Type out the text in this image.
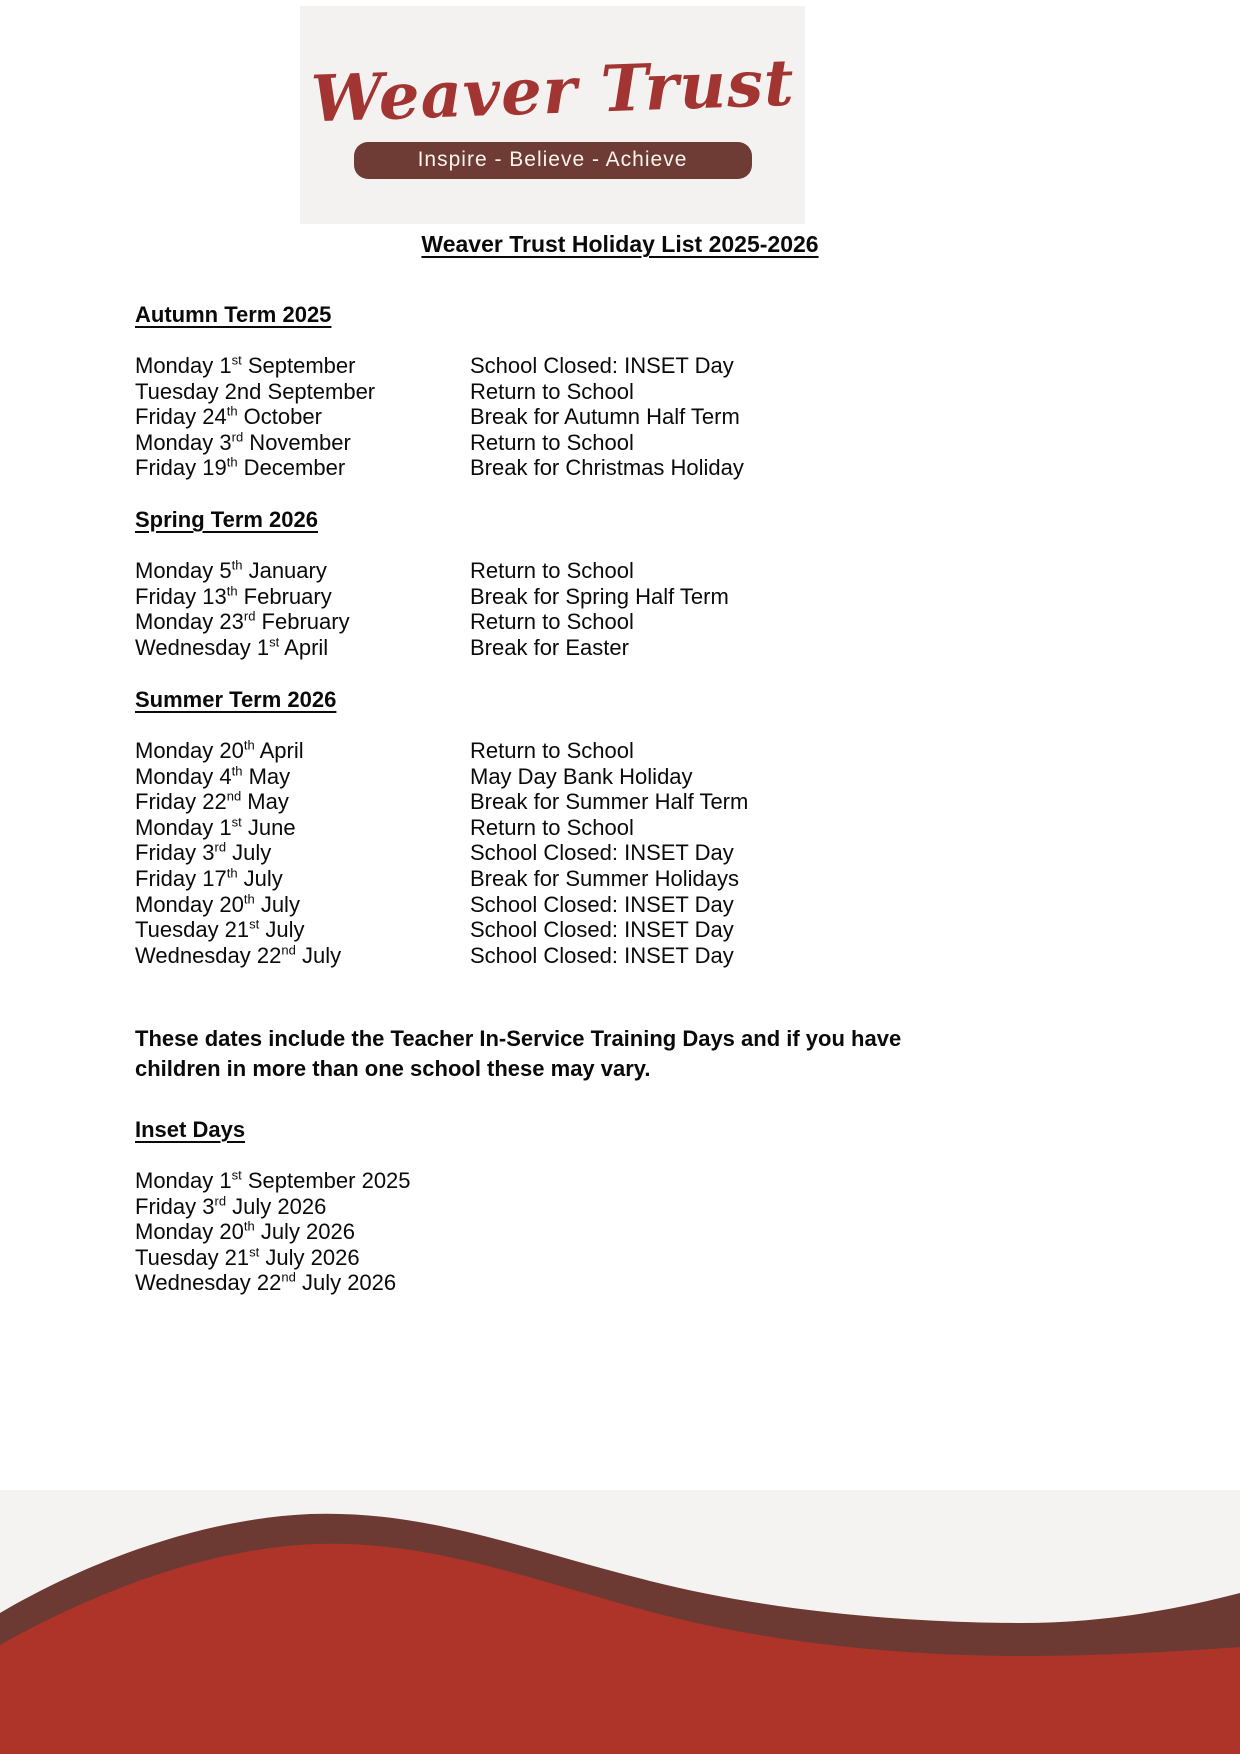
Weaver Trust
Inspire - Believe - Achieve
Weaver Trust Holiday List 2025-2026
Autumn Term 2025
Monday 1st September	School Closed: INSET Day
Tuesday 2nd September	Return to School
Friday 24th October	Break for Autumn Half Term
Monday 3rd November	Return to School
Friday 19th December	Break for Christmas Holiday
Spring Term 2026
Monday 5th January	Return to School
Friday 13th February	Break for Spring Half Term
Monday 23rd February	Return to School
Wednesday 1st April	Break for Easter
Summer Term 2026
Monday 20th April	Return to School
Monday 4th May	May Day Bank Holiday
Friday 22nd May	Break for Summer Half Term
Monday 1st June	Return to School
Friday 3rd July	School Closed: INSET Day
Friday 17th July	Break for Summer Holidays
Monday 20th July	School Closed: INSET Day
Tuesday 21st July	School Closed: INSET Day
Wednesday 22nd July	School Closed: INSET Day
These dates include the Teacher In-Service Training Days and if you have
children in more than one school these may vary.
Inset Days
Monday 1st September 2025
Friday 3rd July 2026
Monday 20th July 2026
Tuesday 21st July 2026
Wednesday 22nd July 2026
